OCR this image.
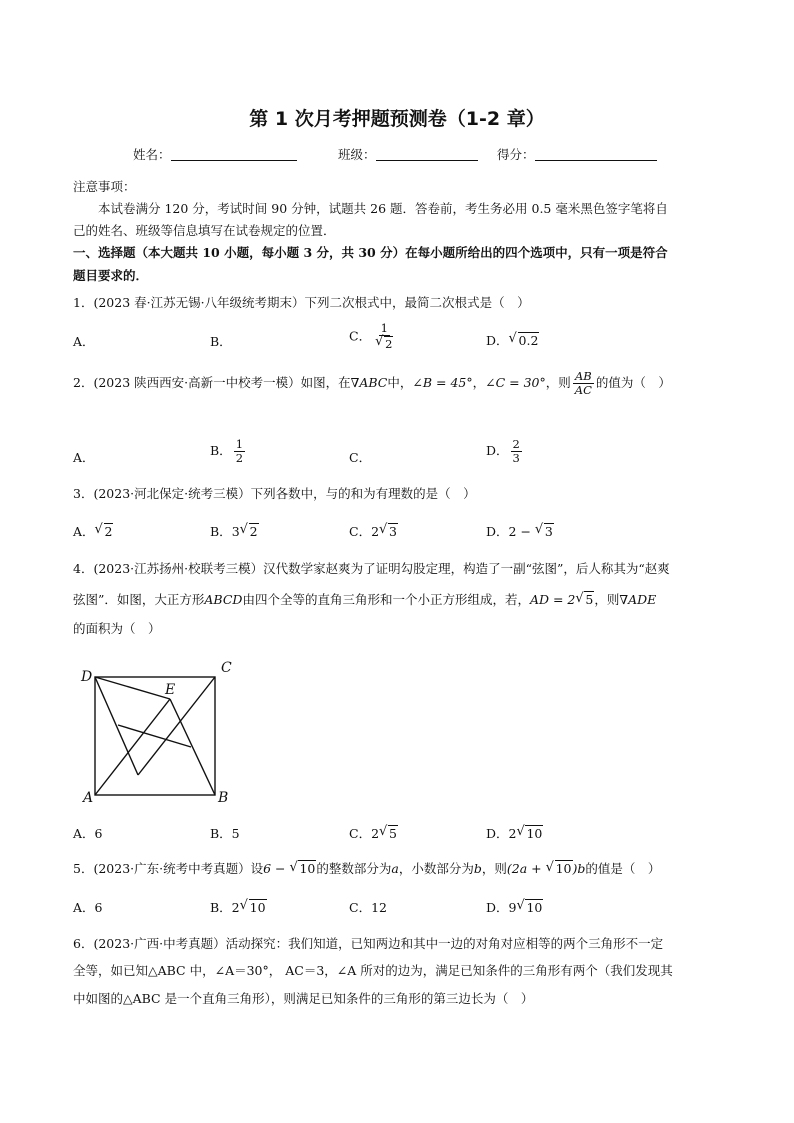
第 1 次月考押题预测卷（1-2 章）
姓名：	班级：	得分：
注意事项：
本试卷满分 120 分，考试时间 90 分钟，试题共 26 题．答卷前，考生务必用 0.5 毫米黑色签字笔将自
己的姓名、班级等信息填写在试卷规定的位置．
一、选择题（本大题共 10 小题，每小题 3 分，共 30 分）在每小题所给出的四个选项中，只有一项是符合
题目要求的．
1．(2023 春·江苏无锡·八年级统考期末）下列二次根式中，最简二次根式是（　）
A．	B．	C． $\frac{1}{√ 2}$	D． √ 0.2
2．(2023 陕西西安·高新一中校考一模）如图，在∇ABC中，∠B = 45°，∠C = 30°，则 $\frac{AB}{AC}$ 的值为（　）
A．	B． $\frac{1}{2}$	C．	D． $\frac{2}{3}$
3．(2023·河北保定·统考三模）下列各数中，与的和为有理数的是（　）
A． √ 2	B．3 √ 2	C．2 √ 3	D．2 − √ 3
4．(2023·江苏扬州·校联考三模）汉代数学家赵爽为了证明勾股定理，构造了一副“弦图”，后人称其为“赵爽
弦图”．如图，大正方形ABCD由四个全等的直角三角形和一个小正方形组成，若，AD = 2 √ 5，则∇ADE
的面积为（　）
D
C
E
A	B
A．6	B．5	C．2 √ 5	D．2 √ 10
5．(2023·广东·统考中考真题）设6 − √ 10的整数部分为a，小数部分为b，则(2a + √ 10)b的值是（　）
A．6	B．2 √ 10	C．12	D．9 √ 10
6．(2023·广西·中考真题）活动探究：我们知道，已知两边和其中一边的对角对应相等的两个三角形不一定
全等，如已知△ABC 中，∠A＝30°， AC＝3，∠A 所对的边为，满足已知条件的三角形有两个（我们发现其
中如图的△ABC 是一个直角三角形），则满足已知条件的三角形的第三边长为（　）
